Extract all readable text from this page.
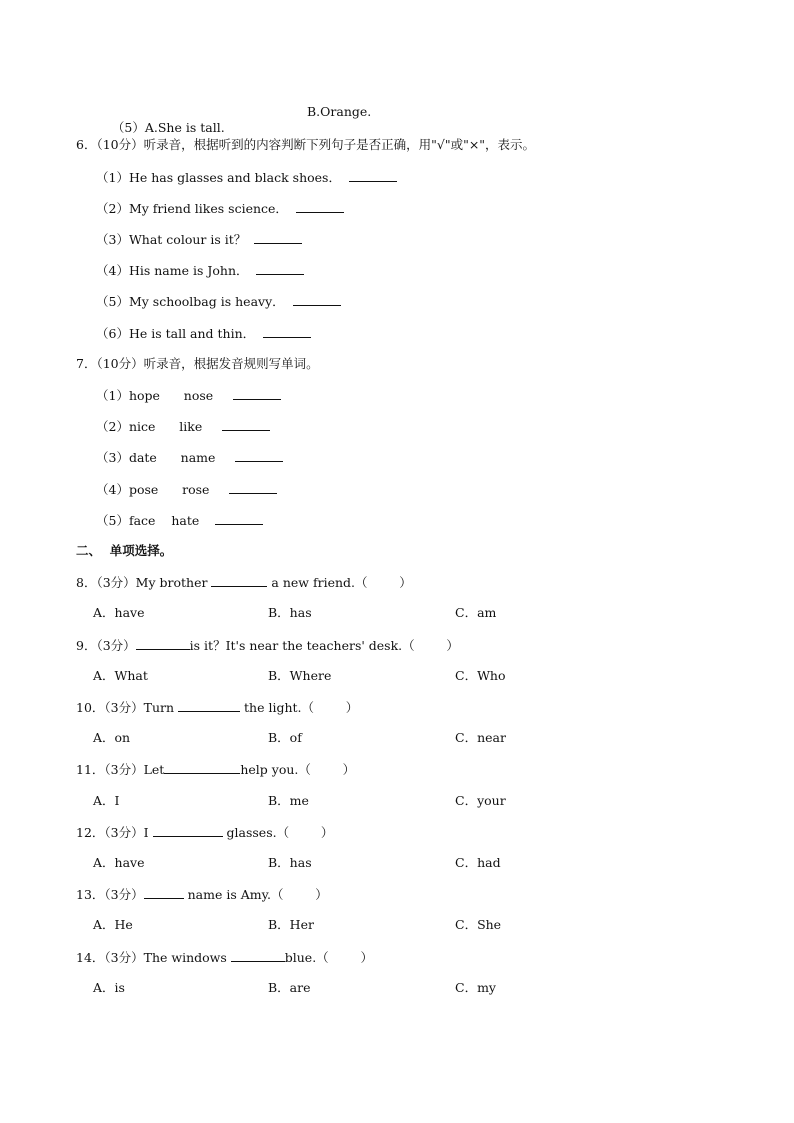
（5）A.She is tall.

B.Orange.
6．（10分）听录音，根据听到的内容判断下列句子是否正确，用"√"或"×"，表示。
（1）He has glasses and black shoes．
（2）My friend likes science．
（3）What colour is it？
（4）His name is John．
（5）My schoolbag is heavy．
（6）He is tall and thin．
7．（10分）听录音，根据发音规则写单词。
（1）hope nose
（2）nice like
（3）date name
（4）pose rose
（5）face hate
二、  单项选择。
8．（3分）My brother	a new friend.（        ）
A．have	B．has	C．am
9．（3分）	is it？It's near the teachers' desk.（        ）
A．What	B．Where	C．Who
10．（3分）Turn	the light.（        ）
A．on	B．of	C．near
11．（3分）Let	help you.（        ）
A．I	B．me	C．your
12．（3分）I	glasses.（        ）
A．have	B．has	C．had
13．（3分）	name is Amy.（        ）
A．He	B．Her	C．She
14．（3分）The windows	blue.（        ）
A．is	B．are	C．my
